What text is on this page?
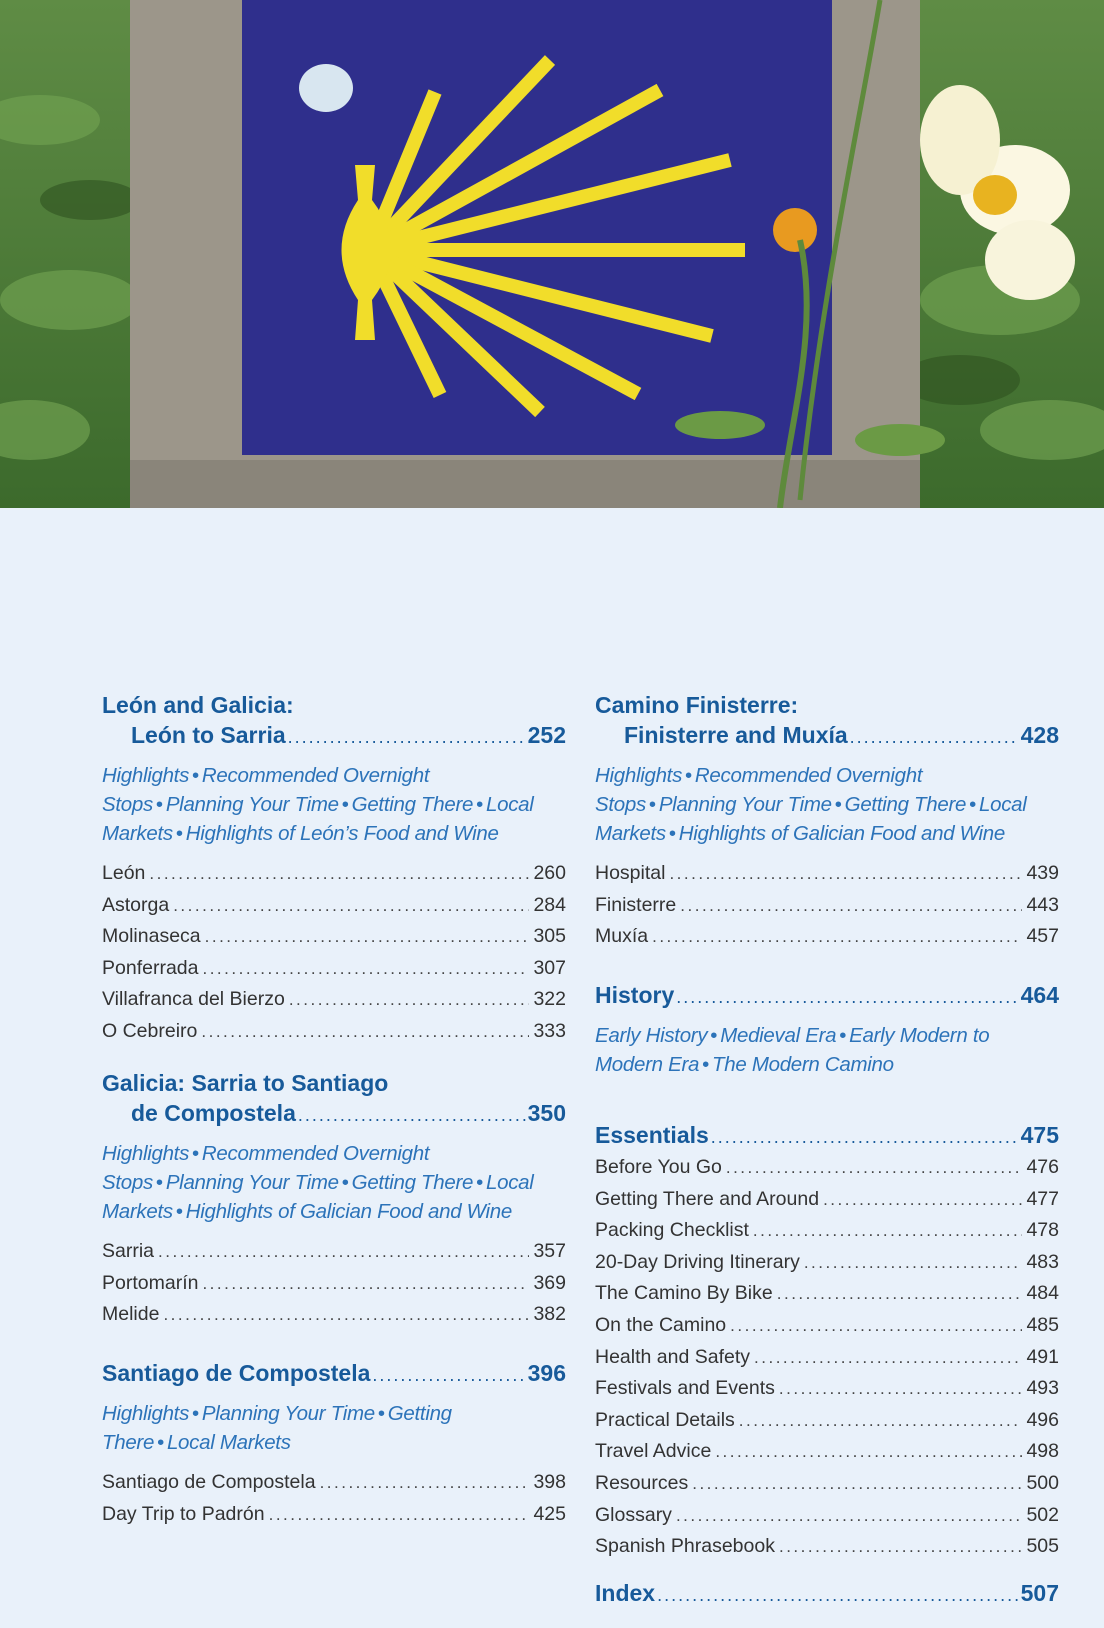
León and Galicia:
León to Sarria .....	252
Highlights • Recommended Overnight Stops • Planning Your Time • Getting There • Local Markets • Highlights of León’s Food and Wine
León .....	260
Astorga .....	284
Molinaseca .....	305
Ponferrada .....	307
Villafranca del Bierzo .....	322
O Cebreiro .....	333
Galicia: Sarria to Santiago
de Compostela .....	350
Highlights • Recommended Overnight Stops • Planning Your Time • Getting There • Local Markets • Highlights of Galician Food and Wine
Sarria .....	357
Portomarín .....	369
Melide .....	382
Santiago de Compostela .....	396
Highlights • Planning Your Time • Getting There • Local Markets
Santiago de Compostela .....	398
Day Trip to Padrón .....	425
Camino Finisterre:
Finisterre and Muxía .....	428
Highlights • Recommended Overnight Stops • Planning Your Time • Getting There • Local Markets • Highlights of Galician Food and Wine
Hospital .....	439
Finisterre .....	443
Muxía .....	457
History .....	464
Early History • Medieval Era • Early Modern to Modern Era • The Modern Camino
Essentials .....	475
Before You Go .....	476
Getting There and Around .....	477
Packing Checklist .....	478
20-Day Driving Itinerary .....	483
The Camino By Bike .....	484
On the Camino .....	485
Health and Safety .....	491
Festivals and Events .....	493
Practical Details .....	496
Travel Advice .....	498
Resources .....	500
Glossary .....	502
Spanish Phrasebook .....	505
Index .....	507
